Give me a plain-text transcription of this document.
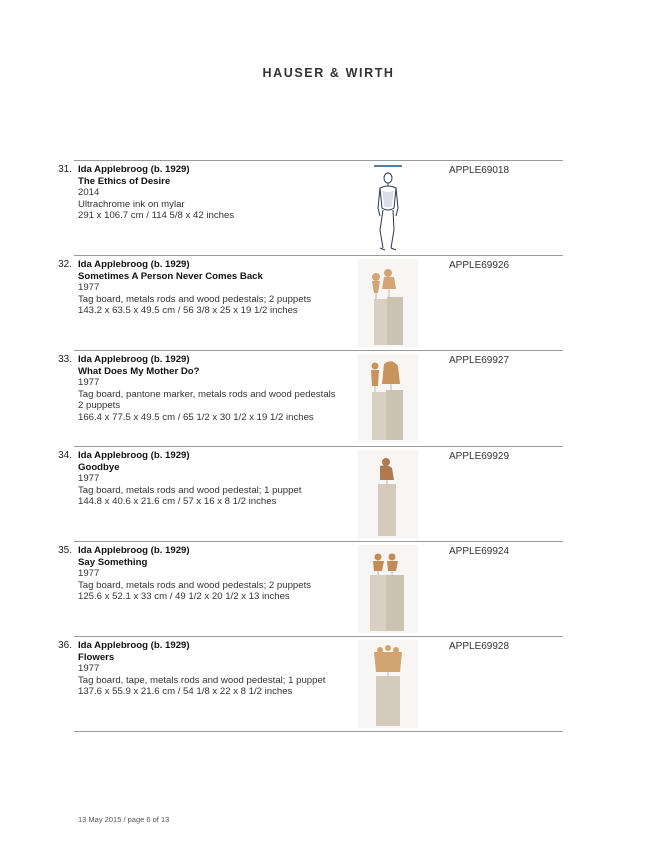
HAUSER & WIRTH
31. Ida Applebroog (b. 1929)
The Ethics of Desire
2014
Ultrachrome ink on mylar
291 x 106.7 cm / 114 5/8 x 42 inches
APPLE69018
32. Ida Applebroog (b. 1929)
Sometimes A Person Never Comes Back
1977
Tag board, metals rods and wood pedestals; 2 puppets
143.2 x 63.5 x 49.5 cm / 56 3/8 x 25 x 19 1/2 inches
APPLE69926
33. Ida Applebroog (b. 1929)
What Does My Mother Do?
1977
Tag board, pantone marker, metals rods and wood pedestals
2 puppets
166.4 x 77.5 x 49.5 cm / 65 1/2 x 30 1/2 x 19 1/2 inches
APPLE69927
34. Ida Applebroog (b. 1929)
Goodbye
1977
Tag board, metals rods and wood pedestal; 1 puppet
144.8 x 40.6 x 21.6 cm / 57 x 16 x 8 1/2 inches
APPLE69929
35. Ida Applebroog (b. 1929)
Say Something
1977
Tag board, metals rods and wood pedestals; 2 puppets
125.6 x 52.1 x 33 cm / 49 1/2 x 20 1/2 x 13 inches
APPLE69924
36. Ida Applebroog (b. 1929)
Flowers
1977
Tag board, tape, metals rods and wood pedestal; 1 puppet
137.6 x 55.9 x 21.6 cm / 54 1/8 x 22 x 8 1/2 inches
APPLE69928
13 May 2015 / page 6 of 13
